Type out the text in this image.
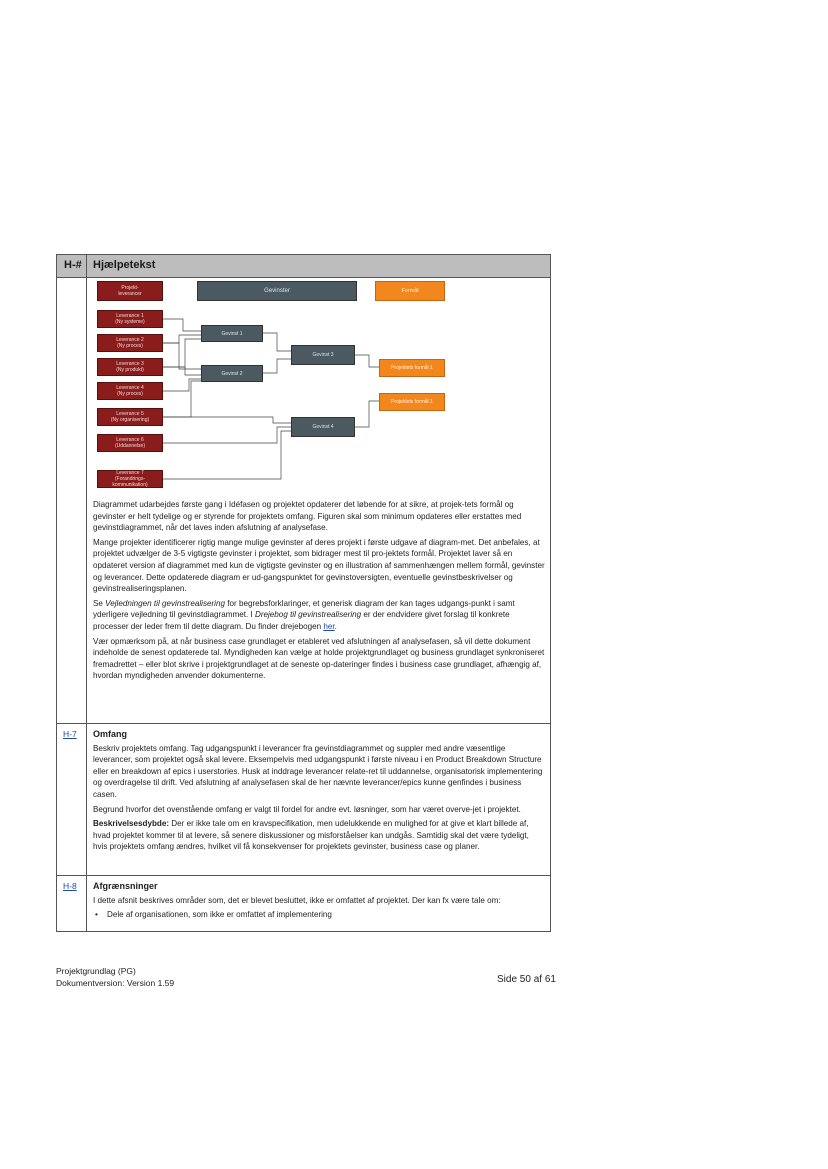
H-# Hjælpetekst
Projekt-
leverancer	Gevinster	Formål
Leverance 1
(Ny systeme)
Leverance 2
(Ny proces)
Leverance 3
(Ny produkt)
Leverance 4
(Ny proces)
Leverance 5
(Ny organisering)
Leverance 6
(Uddannelse)
Leverance 7
(Forandrings-kommunikation)
Gevinst 1
Gevinst 2
Gevinst 3
Gevinst 4
Projektets formål 1
Projektets formål 1

Diagrammet udarbejdes første gang i Idéfasen og projektet opdaterer det løbende for at sikre, at projek-tets formål og gevinster er helt tydelige og er styrende for projektets omfang. Figuren skal som minimum opdateres eller erstattes med gevinstdiagrammet, når det laves inden afslutning af analysefase.

Mange projekter identificerer rigtig mange mulige gevinster af deres projekt i første udgave af diagram-met. Det anbefales, at projektet udvælger de 3-5 vigtigste gevinster i projektet, som bidrager mest til pro-jektets formål. Projektet laver så en opdateret version af diagrammet med kun de vigtigste gevinster og en illustration af sammenhængen mellem formål, gevinster og leverancer. Dette opdaterede diagram er ud-gangspunktet for gevinstoversigten, eventuelle gevinstbeskrivelser og gevinstrealiseringsplanen.

Se Vejledningen til gevinstrealisering for begrebsforklaringer, et generisk diagram der kan tages udgangs-punkt i samt yderligere vejledning til gevinstdiagrammet. I Drejebog til gevinstrealisering er der endvidere givet forslag til konkrete processer der leder frem til dette diagram. Du finder drejebogen her.

Vær opmærksom på, at når business case grundlaget er etableret ved afslutningen af analysefasen, så vil dette dokument indeholde de senest opdaterede tal. Myndigheden kan vælge at holde projektgrundlaget og business grundlaget synkroniseret fremadrettet – eller blot skrive i projektgrundlaget at de seneste op-dateringer findes i business case grundlaget, afhængig af, hvordan myndigheden anvender dokumenterne.

H-7 Omfang

Beskriv projektets omfang. Tag udgangspunkt i leverancer fra gevinstdiagrammet og suppler med andre væsentlige leverancer, som projektet også skal levere. Eksempelvis med udgangspunkt i første niveau i en Product Breakdown Structure eller en breakdown af epics i userstories. Husk at inddrage leverancer relate-ret til uddannelse, organisatorisk implementering og overdragelse til drift. Ved afslutning af analysefasen skal de her nævnte leverancer/epics kunne genfindes i business casen.

Begrund hvorfor det ovenstående omfang er valgt til fordel for andre evt. løsninger, som har været overve-jet i projektet.

Beskrivelsesdybde: Der er ikke tale om en kravspecifikation, men udelukkende en mulighed for at give et klart billede af, hvad projektet kommer til at levere, så senere diskussioner og misforståelser kan undgås. Samtidig skal det være tydeligt, hvis projektets omfang ændres, hvilket vil få konsekvenser for projektets gevinster, business case og planer.

H-8 Afgrænsninger

I dette afsnit beskrives områder som, det er blevet besluttet, ikke er omfattet af projektet. Der kan fx være tale om:

• Dele af organisationen, som ikke er omfattet af implementering
Projektgrundlag (PG)
Dokumentversion: Version 1.59	Side 50 af 61
